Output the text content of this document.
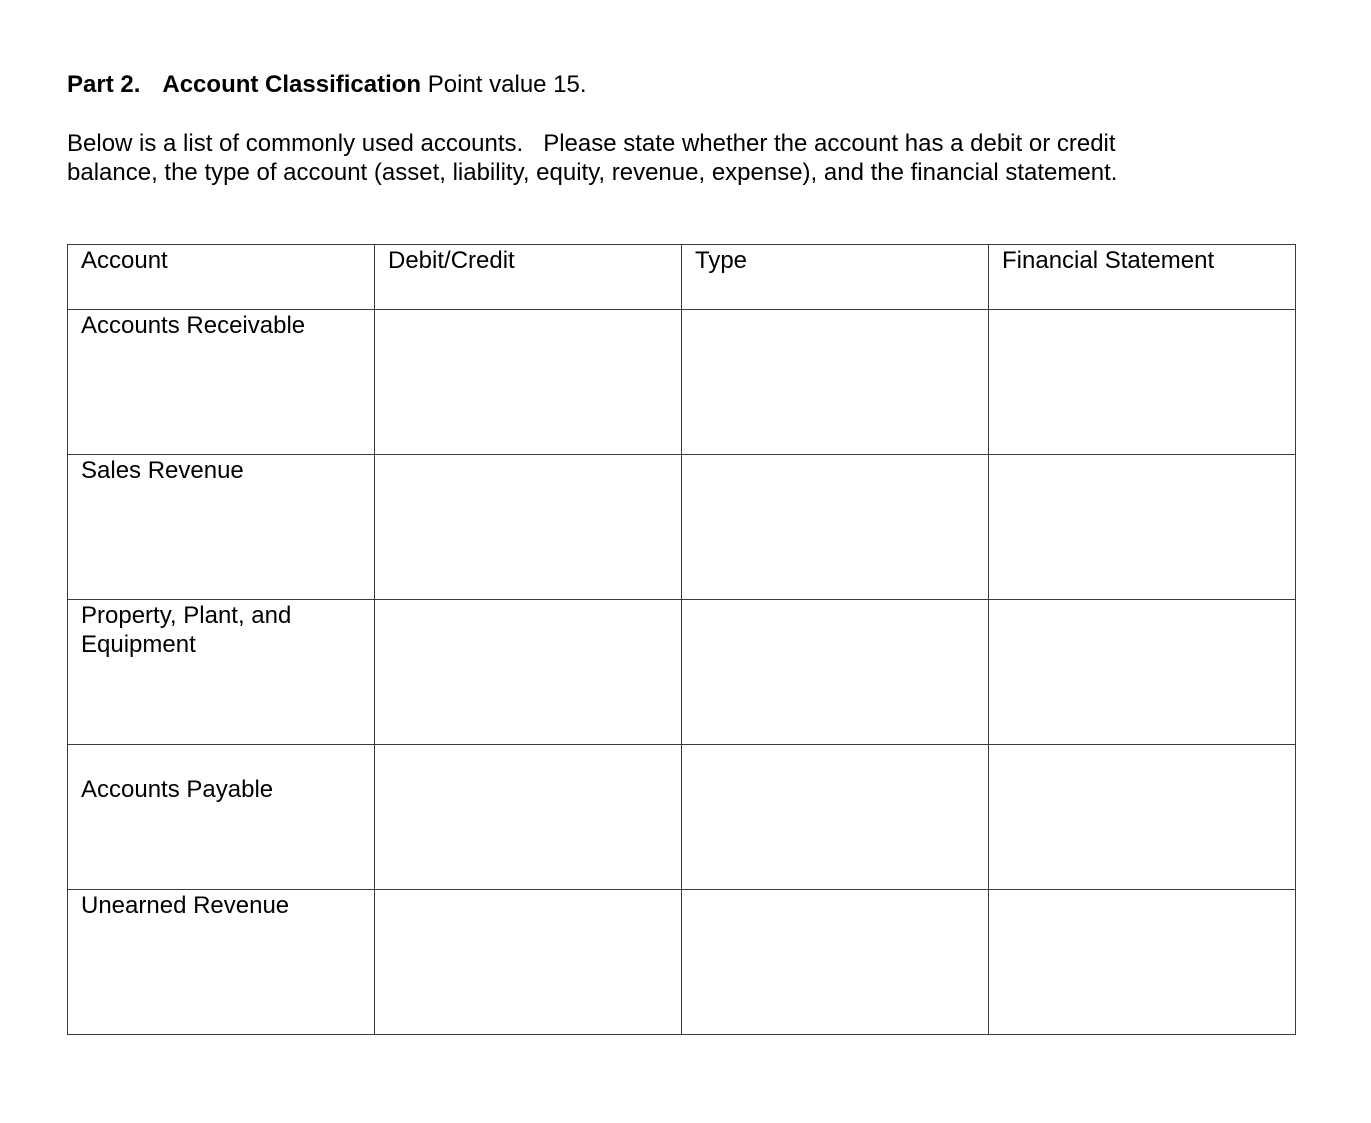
Part 2. Account Classification Point value 15.
Below is a list of commonly used accounts.   Please state whether the account has a debit or credit
balance, the type of account (asset, liability, equity, revenue, expense), and the financial statement.
Account	Debit/Credit	Type	Financial Statement

Accounts Receivable			

Sales Revenue			

Property, Plant, and
Equipment			

Accounts Payable			

Unearned Revenue			
